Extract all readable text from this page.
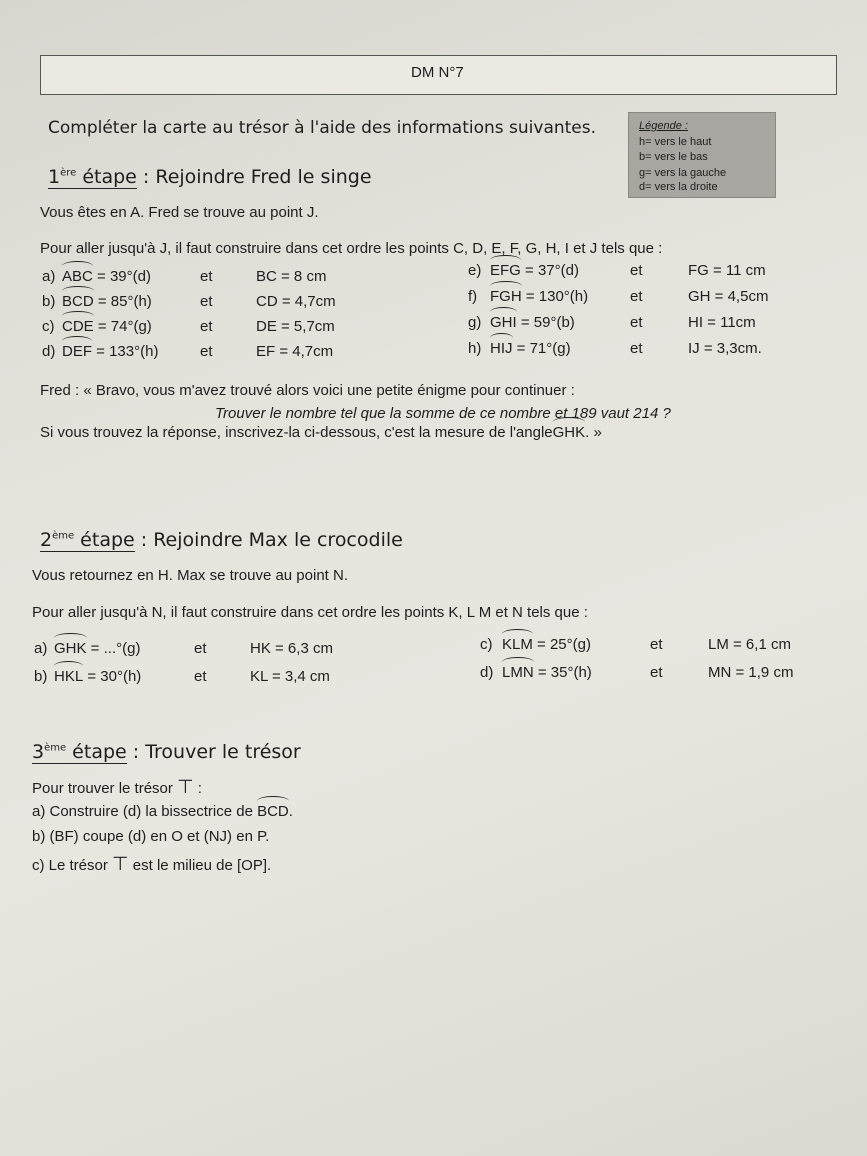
DM N°7
Compléter la carte au trésor à l'aide des informations suivantes.	Légende :
h= vers le haut
b= vers le bas
g= vers la gauche
d= vers la droite
1ère étape : Rejoindre Fred le singe
Vous êtes en A. Fred se trouve au point J.
Pour aller jusqu'à J, il faut construire dans cet ordre les points C, D, E, F, G, H, I et J tels que :
a) ABC = 39°(d)	et	BC = 8 cm
b) BCD = 85°(h)	et	CD = 4,7cm
c) CDE = 74°(g)	et	DE = 5,7cm
d) DEF = 133°(h)	et	EF = 4,7cm
e) EFG = 37°(d)	et	FG = 11 cm
f) FGH = 130°(h)	et	GH = 4,5cm
g) GHI = 59°(b)	et	HI = 11cm
h) HIJ = 71°(g)	et	IJ = 3,3cm.
Fred : « Bravo, vous m'avez trouvé alors voici une petite énigme pour continuer :
Trouver le nombre tel que la somme de ce nombre et 189 vaut 214 ?
Si vous trouvez la réponse, inscrivez-la ci-dessous, c'est la mesure de l'angleGHK. »
2ème étape : Rejoindre Max le crocodile
Vous retournez en H. Max se trouve au point N.
Pour aller jusqu'à N, il faut construire dans cet ordre les points K, L M et N tels que :
a) GHK = ...°(g)	et	HK = 6,3 cm
b) HKL = 30°(h)	et	KL = 3,4 cm
c) KLM = 25°(g)	et	LM = 6,1 cm
d) LMN = 35°(h)	et	MN = 1,9 cm
3ème étape : Trouver le trésor
Pour trouver le trésor ⊤ :
a) Construire (d) la bissectrice de BCD.
b) (BF) coupe (d) en O et (NJ) en P.
c) Le trésor ⊤ est le milieu de [OP].
